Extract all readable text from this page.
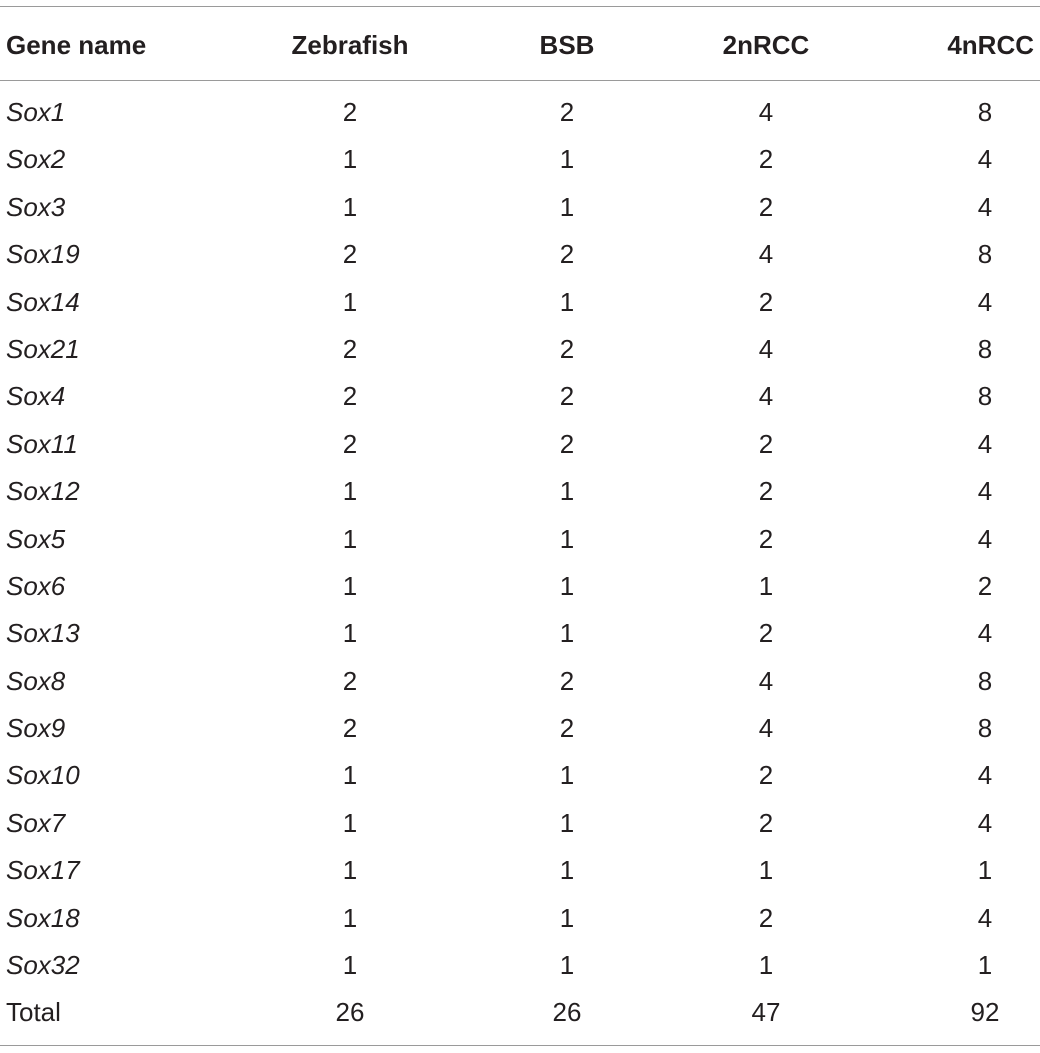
Gene name	Zebrafish	BSB	2nRCC	4nRCC
Sox1	2	2	4	8
Sox2	1	1	2	4
Sox3	1	1	2	4
Sox19	2	2	4	8
Sox14	1	1	2	4
Sox21	2	2	4	8
Sox4	2	2	4	8
Sox11	2	2	2	4
Sox12	1	1	2	4
Sox5	1	1	2	4
Sox6	1	1	1	2
Sox13	1	1	2	4
Sox8	2	2	4	8
Sox9	2	2	4	8
Sox10	1	1	2	4
Sox7	1	1	2	4
Sox17	1	1	1	1
Sox18	1	1	2	4
Sox32	1	1	1	1
Total	26	26	47	92
